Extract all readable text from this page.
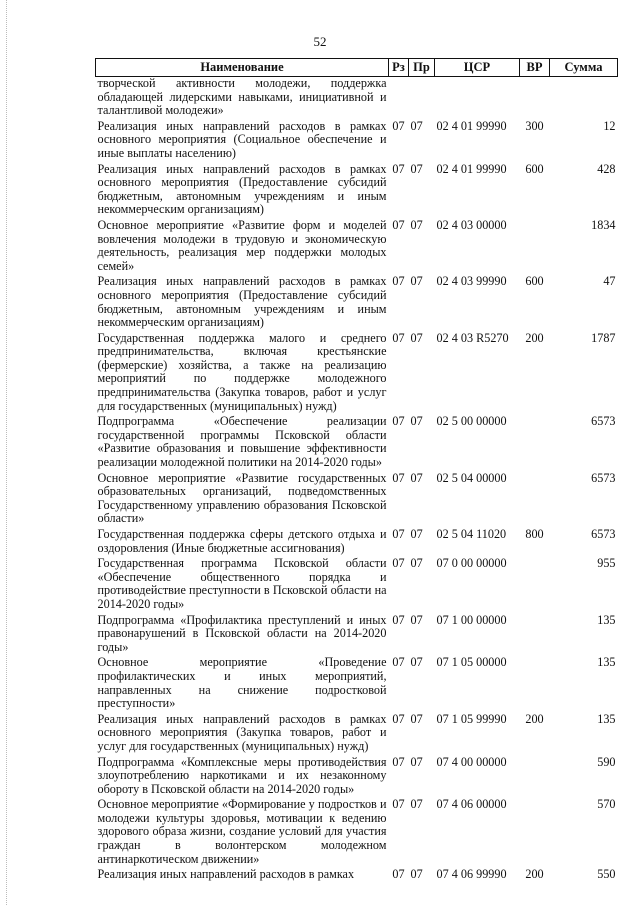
52
Наименование	Рз	Пр	ЦСР	ВР	Сумма
творческой активности молодежи, поддержка обладающей лидерскими навыками, инициативной и талантливой молодежи»					
Реализация иных направлений расходов в рамках основного мероприятия (Социальное обеспечение и иные выплаты населению)	07	07	02 4 01 99990	300	12
Реализация иных направлений расходов в рамках основного мероприятия (Предоставление субсидий бюджетным, автономным учреждениям и иным некоммерческим организациям)	07	07	02 4 01 99990	600	428
Основное мероприятие «Развитие форм и моделей вовлечения молодежи в трудовую и экономическую деятельность, реализация мер поддержки молодых семей»	07	07	02 4 03 00000		1834
Реализация иных направлений расходов в рамках основного мероприятия (Предоставление субсидий бюджетным, автономным учреждениям и иным некоммерческим организациям)	07	07	02 4 03 99990	600	47
Государственная поддержка малого и среднего предпринимательства, включая крестьянские (фермерские) хозяйства, а также на реализацию мероприятий по поддержке молодежного предпринимательства (Закупка товаров, работ и услуг для государственных (муниципальных) нужд)	07	07	02 4 03 R5270	200	1787
Подпрограмма «Обеспечение реализации государственной программы Псковской области «Развитие образования и повышение эффективности реализации молодежной политики на 2014-2020 годы»	07	07	02 5 00 00000		6573
Основное мероприятие «Развитие государственных образовательных организаций, подведомственных Государственному управлению образования Псковской области»	07	07	02 5 04 00000		6573
Государственная поддержка сферы детского отдыха и оздоровления (Иные бюджетные ассигнования)	07	07	02 5 04 11020	800	6573
Государственная программа Псковской области «Обеспечение общественного порядка и противодействие преступности в Псковской области на 2014-2020 годы»	07	07	07 0 00 00000		955
Подпрограмма «Профилактика преступлений и иных правонарушений в Псковской области на 2014-2020 годы»	07	07	07 1 00 00000		135
Основное мероприятие «Проведение профилактических и иных мероприятий, направленных на снижение подростковой преступности»	07	07	07 1 05 00000		135
Реализация иных направлений расходов в рамках основного мероприятия (Закупка товаров, работ и услуг для государственных (муниципальных) нужд)	07	07	07 1 05 99990	200	135
Подпрограмма «Комплексные меры противодействия злоупотреблению наркотиками и их незаконному обороту в Псковской области на 2014-2020 годы»	07	07	07 4 00 00000		590
Основное мероприятие «Формирование у подростков и молодежи культуры здоровья, мотивации к ведению здорового образа жизни, создание условий для участия граждан в волонтерском молодежном антинаркотическом движении»	07	07	07 4 06 00000		570
Реализация иных направлений расходов в рамках	07	07	07 4 06 99990	200	550
